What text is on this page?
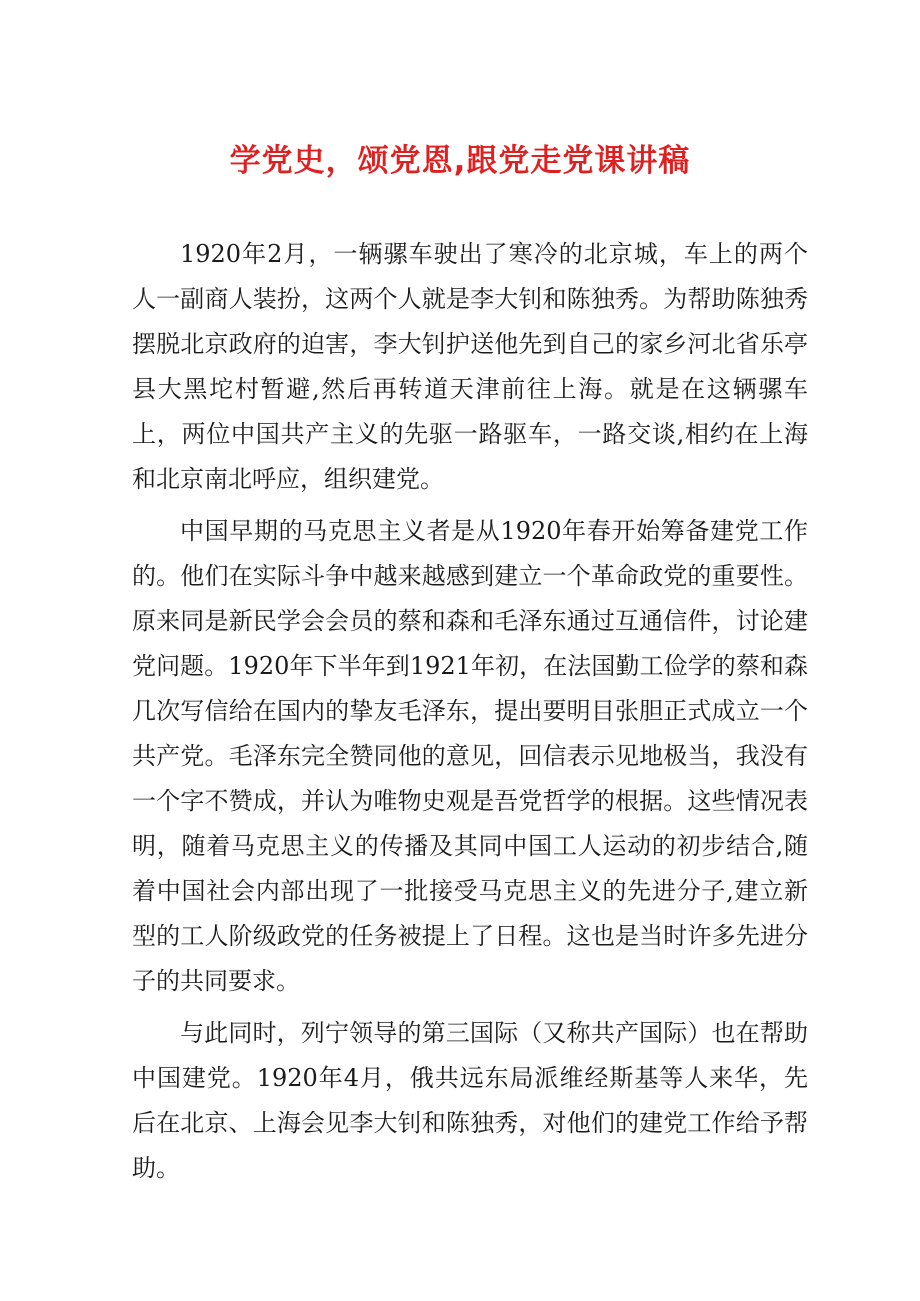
学党史，颂党恩,跟党走党课讲稿

1920年2月，一辆骡车驶出了寒冷的北京城，车上的两个人一副商人装扮，这两个人就是李大钊和陈独秀。为帮助陈独秀摆脱北京政府的迫害，李大钊护送他先到自己的家乡河北省乐亭县大黑坨村暂避,然后再转道天津前往上海。就是在这辆骡车上，两位中国共产主义的先驱一路驱车，一路交谈,相约在上海和北京南北呼应，组织建党。

中国早期的马克思主义者是从1920年春开始筹备建党工作的。他们在实际斗争中越来越感到建立一个革命政党的重要性。原来同是新民学会会员的蔡和森和毛泽东通过互通信件，讨论建党问题。1920年下半年到1921年初，在法国勤工俭学的蔡和森几次写信给在国内的挚友毛泽东，提出要明目张胆正式成立一个共产党。毛泽东完全赞同他的意见，回信表示见地极当，我没有一个字不赞成，并认为唯物史观是吾党哲学的根据。这些情况表明，随着马克思主义的传播及其同中国工人运动的初步结合,随着中国社会内部出现了一批接受马克思主义的先进分子,建立新型的工人阶级政党的任务被提上了日程。这也是当时许多先进分子的共同要求。

与此同时，列宁领导的第三国际（又称共产国际）也在帮助中国建党。1920年4月，俄共远东局派维经斯基等人来华，先后在北京、上海会见李大钊和陈独秀，对他们的建党工作给予帮助。
